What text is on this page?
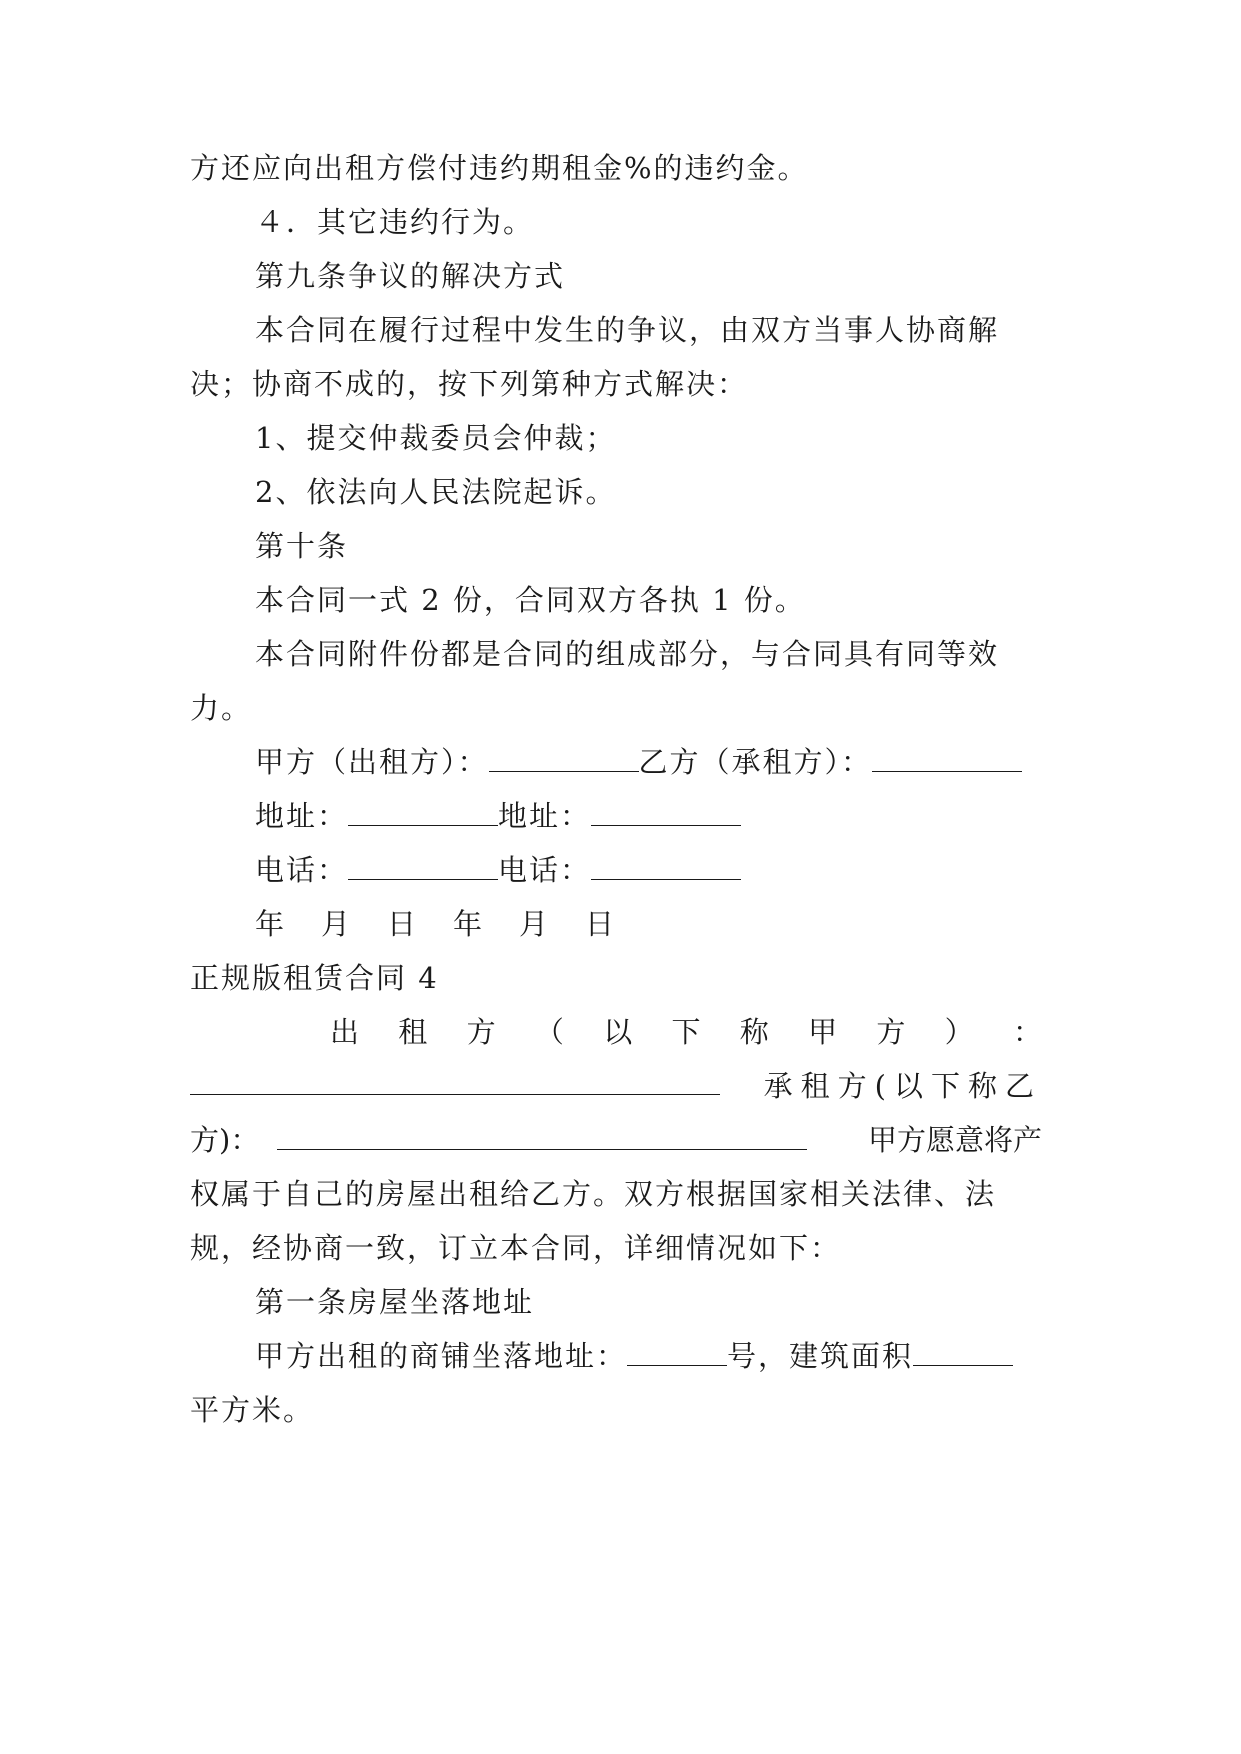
方还应向出租方偿付违约期租金%的违约金。
４．其它违约行为。
第九条争议的解决方式
本合同在履行过程中发生的争议，由双方当事人协商解
决；协商不成的，按下列第种方式解决：
1、提交仲裁委员会仲裁；
2、依法向人民法院起诉。
第十条
本合同一式 2 份，合同双方各执 1 份。
本合同附件份都是合同的组成部分，与合同具有同等效
力。
甲方（出租方）：	乙方（承租方）：
地址：	地址：
电话：	电话：
年　月　日　年　月　日
正规版租赁合同 4
出 租 方 （ 以 下 称 甲 方 ） ：
承租方(以下称乙
方)：	甲方愿意将产
权属于自己的房屋出租给乙方。双方根据国家相关法律、法
规，经协商一致，订立本合同，详细情况如下：
第一条房屋坐落地址
甲方出租的商铺坐落地址：	号，建筑面积
平方米。
